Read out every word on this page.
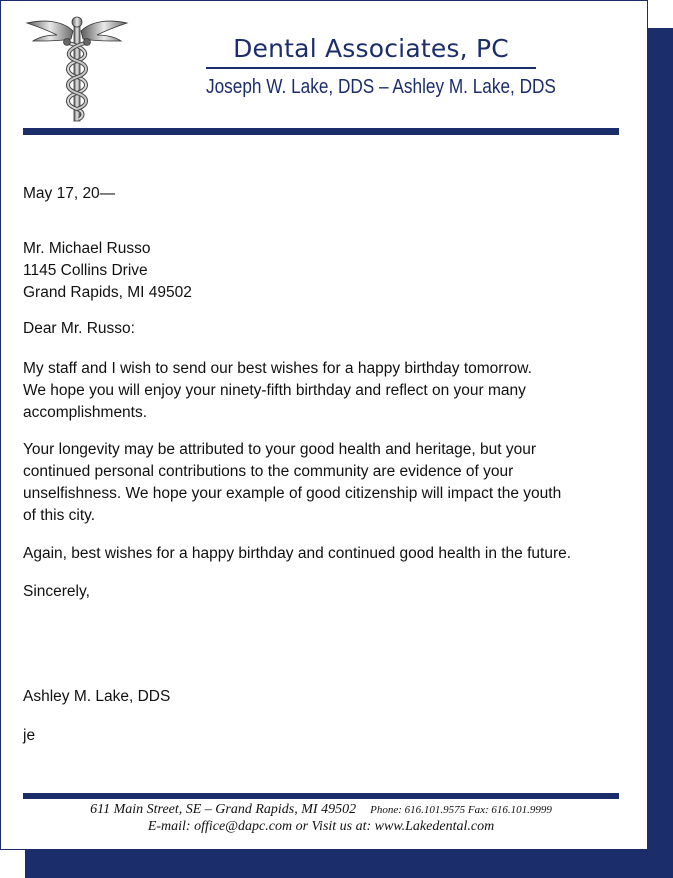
Dental Associates, PC
Joseph W. Lake, DDS – Ashley M. Lake, DDS
May 17, 20—
Mr. Michael Russo
1145 Collins Drive
Grand Rapids, MI 49502
Dear Mr. Russo:

My staff and I wish to send our best wishes for a happy birthday tomorrow.

We hope you will enjoy your ninety-fifth birthday and reflect on your many

accomplishments.

Your longevity may be attributed to your good health and heritage, but your

continued personal contributions to the community are evidence of your

unselfishness. We hope your example of good citizenship will impact the youth

of this city.

Again, best wishes for a happy birthday and continued good health in the future.

Sincerely,
Ashley M. Lake, DDS
je
611 Main Street, SE – Grand Rapids, MI 49502 Phone: 616.101.9575 Fax: 616.101.9999
E-mail: office@dapc.com or Visit us at: www.Lakedental.com
